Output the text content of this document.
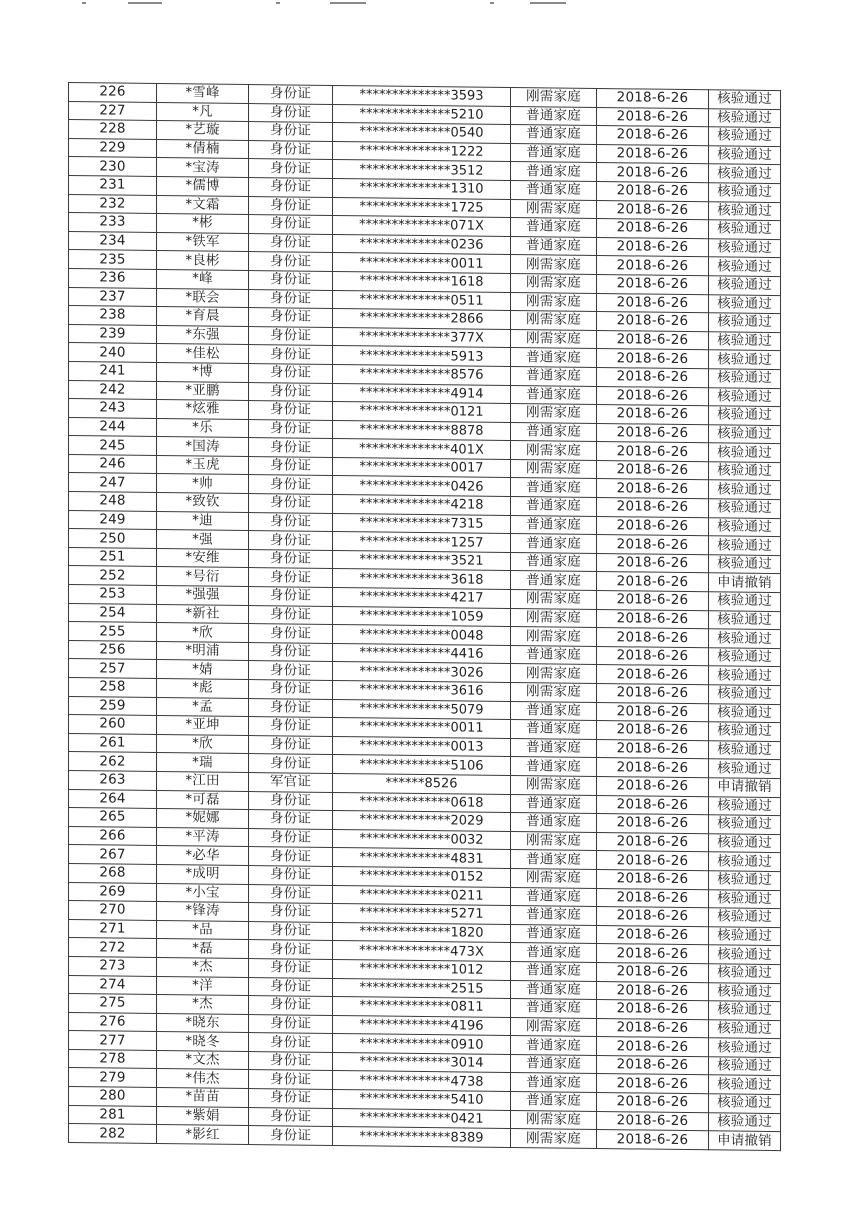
226	*雪峰	身份证	**************3593	刚需家庭	2018-6-26	核验通过
227	*凡	身份证	**************5210	普通家庭	2018-6-26	核验通过
228	*艺璇	身份证	**************0540	普通家庭	2018-6-26	核验通过
229	*倩楠	身份证	**************1222	普通家庭	2018-6-26	核验通过
230	*宝涛	身份证	**************3512	普通家庭	2018-6-26	核验通过
231	*儒博	身份证	**************1310	普通家庭	2018-6-26	核验通过
232	*文霜	身份证	**************1725	刚需家庭	2018-6-26	核验通过
233	*彬	身份证	**************071X	普通家庭	2018-6-26	核验通过
234	*铁军	身份证	**************0236	普通家庭	2018-6-26	核验通过
235	*良彬	身份证	**************0011	刚需家庭	2018-6-26	核验通过
236	*峰	身份证	**************1618	刚需家庭	2018-6-26	核验通过
237	*联会	身份证	**************0511	刚需家庭	2018-6-26	核验通过
238	*育晨	身份证	**************2866	刚需家庭	2018-6-26	核验通过
239	*东强	身份证	**************377X	刚需家庭	2018-6-26	核验通过
240	*佳松	身份证	**************5913	普通家庭	2018-6-26	核验通过
241	*博	身份证	**************8576	普通家庭	2018-6-26	核验通过
242	*亚鹏	身份证	**************4914	普通家庭	2018-6-26	核验通过
243	*炫雅	身份证	**************0121	刚需家庭	2018-6-26	核验通过
244	*乐	身份证	**************8878	普通家庭	2018-6-26	核验通过
245	*国涛	身份证	**************401X	刚需家庭	2018-6-26	核验通过
246	*玉虎	身份证	**************0017	刚需家庭	2018-6-26	核验通过
247	*帅	身份证	**************0426	普通家庭	2018-6-26	核验通过
248	*致钦	身份证	**************4218	普通家庭	2018-6-26	核验通过
249	*迪	身份证	**************7315	普通家庭	2018-6-26	核验通过
250	*强	身份证	**************1257	普通家庭	2018-6-26	核验通过
251	*安维	身份证	**************3521	普通家庭	2018-6-26	核验通过
252	*号衍	身份证	**************3618	普通家庭	2018-6-26	申请撤销
253	*强强	身份证	**************4217	刚需家庭	2018-6-26	核验通过
254	*新社	身份证	**************1059	刚需家庭	2018-6-26	核验通过
255	*欣	身份证	**************0048	刚需家庭	2018-6-26	核验通过
256	*明浦	身份证	**************4416	普通家庭	2018-6-26	核验通过
257	*婧	身份证	**************3026	刚需家庭	2018-6-26	核验通过
258	*彪	身份证	**************3616	刚需家庭	2018-6-26	核验通过
259	*孟	身份证	**************5079	普通家庭	2018-6-26	核验通过
260	*亚坤	身份证	**************0011	普通家庭	2018-6-26	核验通过
261	*欣	身份证	**************0013	普通家庭	2018-6-26	核验通过
262	*瑞	身份证	**************5106	普通家庭	2018-6-26	核验通过
263	*江田	军官证	******8526	刚需家庭	2018-6-26	申请撤销
264	*可磊	身份证	**************0618	普通家庭	2018-6-26	核验通过
265	*妮娜	身份证	**************2029	普通家庭	2018-6-26	核验通过
266	*平涛	身份证	**************0032	刚需家庭	2018-6-26	核验通过
267	*必华	身份证	**************4831	普通家庭	2018-6-26	核验通过
268	*成明	身份证	**************0152	刚需家庭	2018-6-26	核验通过
269	*小宝	身份证	**************0211	普通家庭	2018-6-26	核验通过
270	*锋涛	身份证	**************5271	普通家庭	2018-6-26	核验通过
271	*品	身份证	**************1820	普通家庭	2018-6-26	核验通过
272	*磊	身份证	**************473X	普通家庭	2018-6-26	核验通过
273	*杰	身份证	**************1012	普通家庭	2018-6-26	核验通过
274	*洋	身份证	**************2515	普通家庭	2018-6-26	核验通过
275	*杰	身份证	**************0811	普通家庭	2018-6-26	核验通过
276	*晓东	身份证	**************4196	刚需家庭	2018-6-26	核验通过
277	*晓冬	身份证	**************0910	普通家庭	2018-6-26	核验通过
278	*文杰	身份证	**************3014	普通家庭	2018-6-26	核验通过
279	*伟杰	身份证	**************4738	普通家庭	2018-6-26	核验通过
280	*苗苗	身份证	**************5410	普通家庭	2018-6-26	核验通过
281	*紫娟	身份证	**************0421	刚需家庭	2018-6-26	核验通过
282	*影红	身份证	**************8389	刚需家庭	2018-6-26	申请撤销
